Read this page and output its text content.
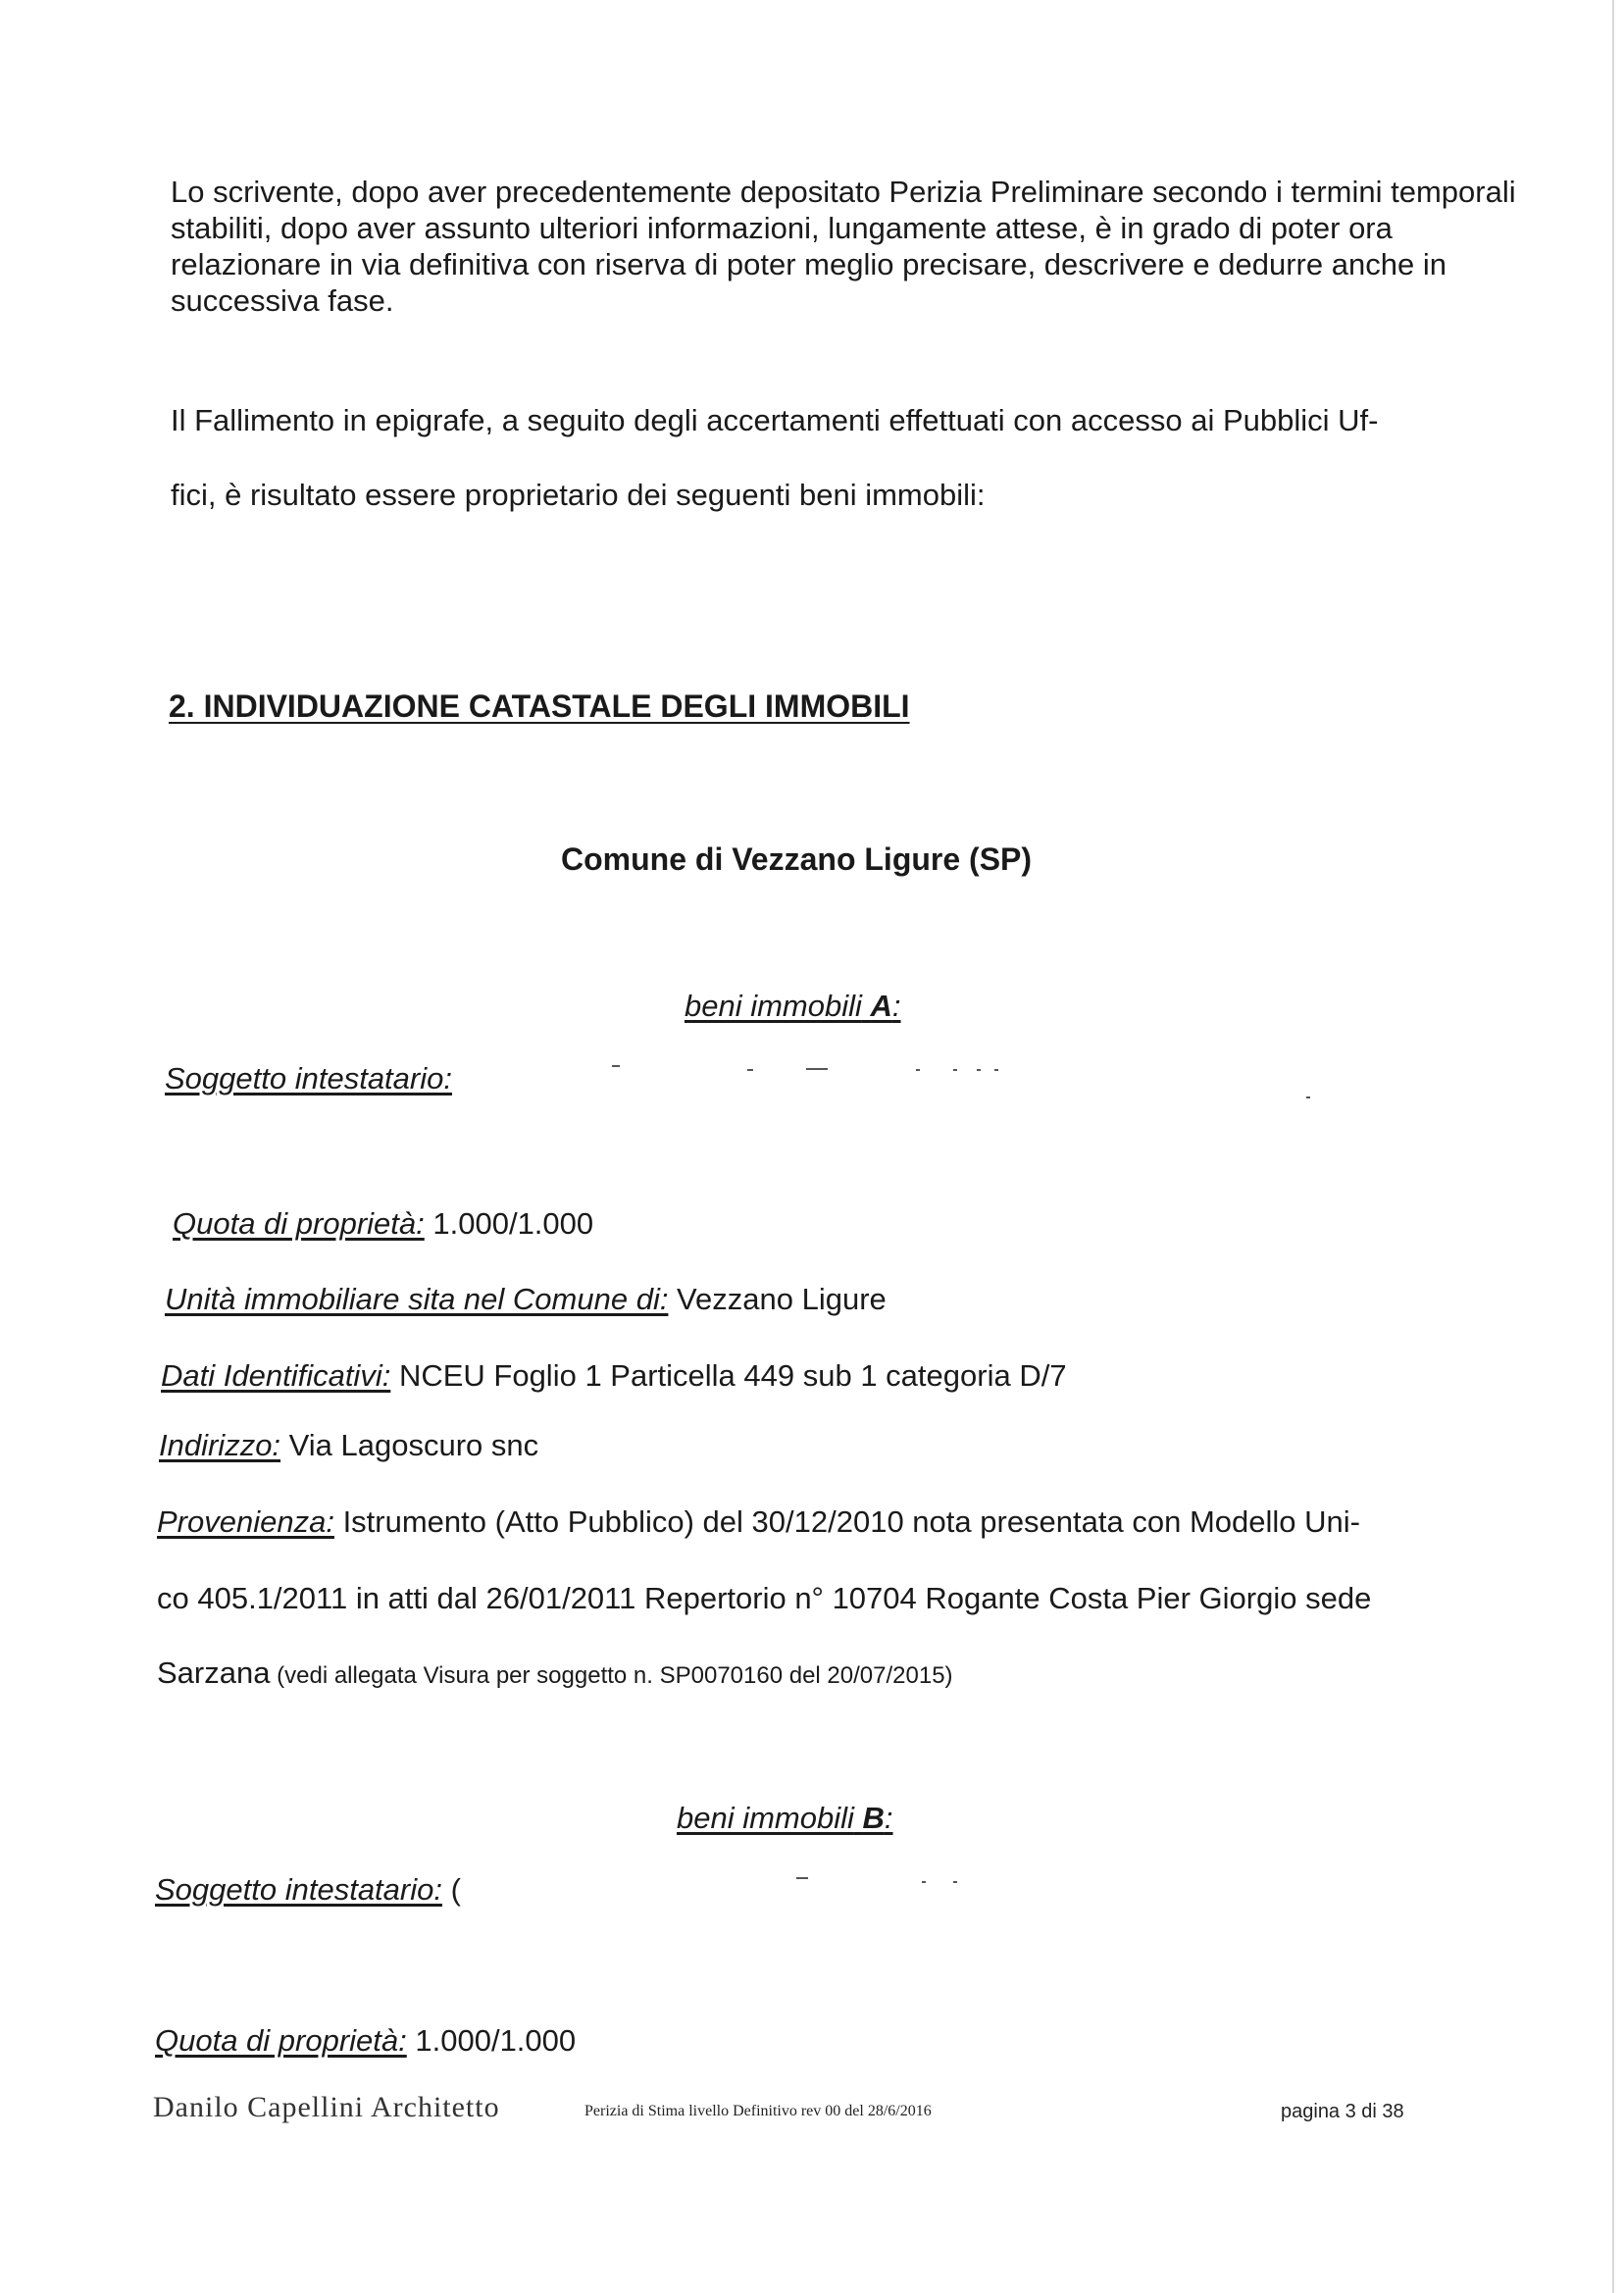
Lo scrivente, dopo aver precedentemente depositato Perizia Preliminare secondo i termini temporali stabiliti, dopo aver assunto ulteriori informazioni, lungamente attese, è in grado di poter ora relazionare in via definitiva con riserva di poter meglio precisare, descrivere e dedurre anche in successiva fase.
Il Fallimento in epigrafe, a seguito degli accertamenti effettuati con accesso ai Pubblici Uf-
fici, è risultato essere proprietario dei seguenti beni immobili:
2. INDIVIDUAZIONE CATASTALE DEGLI IMMOBILI
Comune di Vezzano Ligure (SP)
beni immobili A:
Soggetto intestatario:
Quota di proprietà: 1.000/1.000
Unità immobiliare sita nel Comune di: Vezzano Ligure
Dati Identificativi: NCEU Foglio 1 Particella 449 sub 1 categoria D/7
Indirizzo: Via Lagoscuro snc
Provenienza: Istrumento (Atto Pubblico) del 30/12/2010 nota presentata con Modello Uni-
co 405.1/2011 in atti dal 26/01/2011 Repertorio n° 10704 Rogante Costa Pier Giorgio sede
Sarzana (vedi allegata Visura per soggetto n. SP0070160 del 20/07/2015)
beni immobili B:
Soggetto intestatario: (
Quota di proprietà: 1.000/1.000
Danilo Capellini Architetto	Perizia di Stima livello Definitivo rev 00 del 28/6/2016	pagina 3 di 38
